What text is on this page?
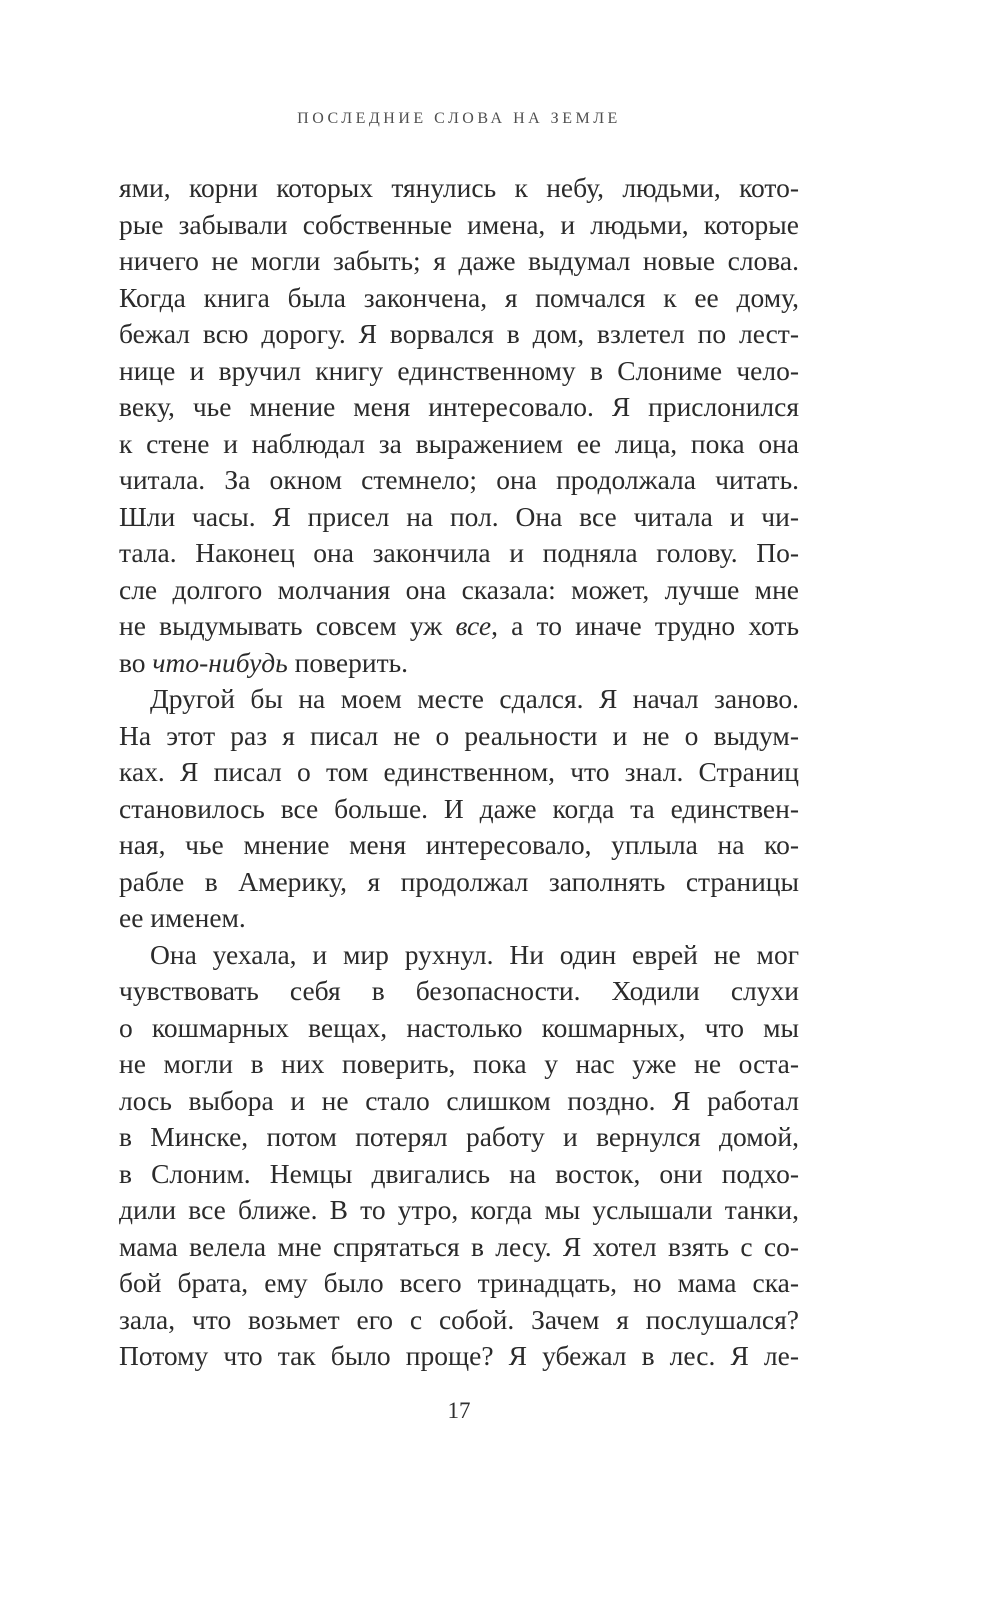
ПОСЛЕДНИЕ СЛОВА НА ЗЕМЛЕ
ями, корни которых тянулись к небу, людьми, кото-
рые забывали собственные имена, и людьми, которые
ничего не могли забыть; я даже выдумал новые слова.
Когда книга была закончена, я помчался к ее дому,
бежал всю дорогу. Я ворвался в дом, взлетел по лест-
нице и вручил книгу единственному в Слониме чело-
веку, чье мнение меня интересовало. Я прислонился
к стене и наблюдал за выражением ее лица, пока она
читала. За окном стемнело; она продолжала читать.
Шли часы. Я присел на пол. Она все читала и чи-
тала. Наконец она закончила и подняла голову. По-
сле долгого молчания она сказала: может, лучше мне
не выдумывать совсем уж все, а то иначе трудно хоть
во что-нибудь поверить.
Другой бы на моем месте сдался. Я начал заново.
На этот раз я писал не о реальности и не о выдум-
ках. Я писал о том единственном, что знал. Страниц
становилось все больше. И даже когда та единствен-
ная, чье мнение меня интересовало, уплыла на ко-
рабле в Америку, я продолжал заполнять страницы
ее именем.
Она уехала, и мир рухнул. Ни один еврей не мог
чувствовать себя в безопасности. Ходили слухи
о кошмарных вещах, настолько кошмарных, что мы
не могли в них поверить, пока у нас уже не оста-
лось выбора и не стало слишком поздно. Я работал
в Минске, потом потерял работу и вернулся домой,
в Слоним. Немцы двигались на восток, они подхо-
дили все ближе. В то утро, когда мы услышали танки,
мама велела мне спрятаться в лесу. Я хотел взять с со-
бой брата, ему было всего тринадцать, но мама ска-
зала, что возьмет его с собой. Зачем я послушался?
Потому что так было проще? Я убежал в лес. Я ле-
17
